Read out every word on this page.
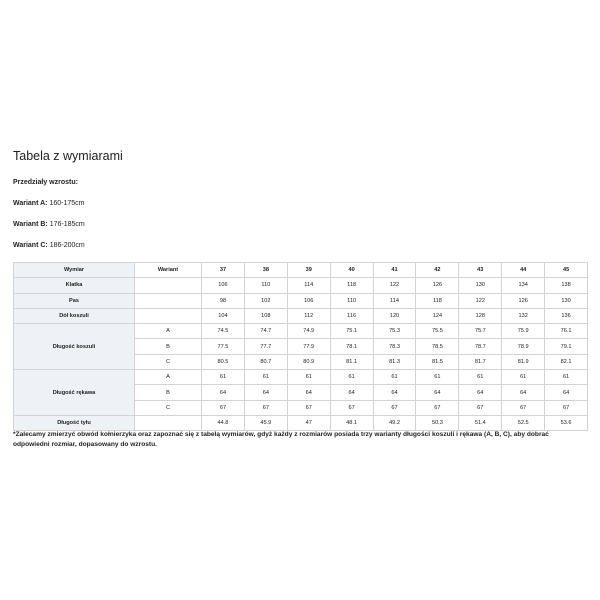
Tabela z wymiarami
Przedziały wzrostu:
Wariant A: 160-175cm
Wariant B: 176-185cm
Wariant C: 186-200cm
Wymiar	Wariant	37	38	39	40	41	42	43	44	45
Klatka		106	110	114	118	122	126	130	134	138
Pas		98	102	106	110	114	118	122	126	130
Dół koszuli		104	108	112	116	120	124	128	132	136
Długość koszuli	A	74.5	74.7	74.9	75.1	75.3	75.5	75.7	75.9	76.1
	B	77.5	77.7	77.9	78.1	78.3	78.5	78.7	78.9	79.1
	C	80.5	80.7	80.9	81.1	81.3	81.5	81.7	81.9	82.1
Długość rękawa	A	61	61	61	61	61	61	61	61	61
	B	64	64	64	64	64	64	64	64	64
	C	67	67	67	67	67	67	67	67	67
Długość tyłu		44.8	45.9	47	48.1	49.2	50.3	51.4	52.5	53.6
*Zalecamy zmierzyć obwód kołnierzyka oraz zapoznać się z tabelą wymiarów, gdyż każdy z rozmiarów posiada trzy warianty długości koszuli i rękawa (A, B, C), aby dobrać odpowiedni rozmiar, dopasowany do wzrostu.
